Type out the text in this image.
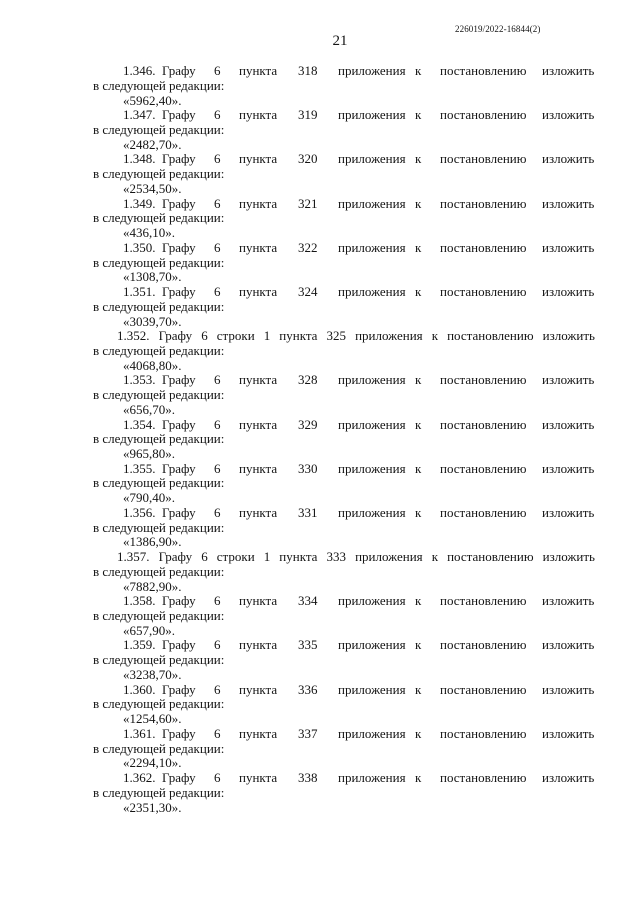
21
226019/2022-16844(2)
1.346. Графу 6 пункта 318 приложения к постановлению изложить
в следующей редакции:
«5962,40».
1.347. Графу 6 пункта 319 приложения к постановлению изложить
в следующей редакции:
«2482,70».
1.348. Графу 6 пункта 320 приложения к постановлению изложить
в следующей редакции:
«2534,50».
1.349. Графу 6 пункта 321 приложения к постановлению изложить
в следующей редакции:
«436,10».
1.350. Графу 6 пункта 322 приложения к постановлению изложить
в следующей редакции:
«1308,70».
1.351. Графу 6 пункта 324 приложения к постановлению изложить
в следующей редакции:
«3039,70».
1.352. Графу 6 строки 1 пункта 325 приложения к постановлению изложить
в следующей редакции:
«4068,80».
1.353. Графу 6 пункта 328 приложения к постановлению изложить
в следующей редакции:
«656,70».
1.354. Графу 6 пункта 329 приложения к постановлению изложить
в следующей редакции:
«965,80».
1.355. Графу 6 пункта 330 приложения к постановлению изложить
в следующей редакции:
«790,40».
1.356. Графу 6 пункта 331 приложения к постановлению изложить
в следующей редакции:
«1386,90».
1.357. Графу 6 строки 1 пункта 333 приложения к постановлению изложить
в следующей редакции:
«7882,90».
1.358. Графу 6 пункта 334 приложения к постановлению изложить
в следующей редакции:
«657,90».
1.359. Графу 6 пункта 335 приложения к постановлению изложить
в следующей редакции:
«3238,70».
1.360. Графу 6 пункта 336 приложения к постановлению изложить
в следующей редакции:
«1254,60».
1.361. Графу 6 пункта 337 приложения к постановлению изложить
в следующей редакции:
«2294,10».
1.362. Графу 6 пункта 338 приложения к постановлению изложить
в следующей редакции:
«2351,30».
